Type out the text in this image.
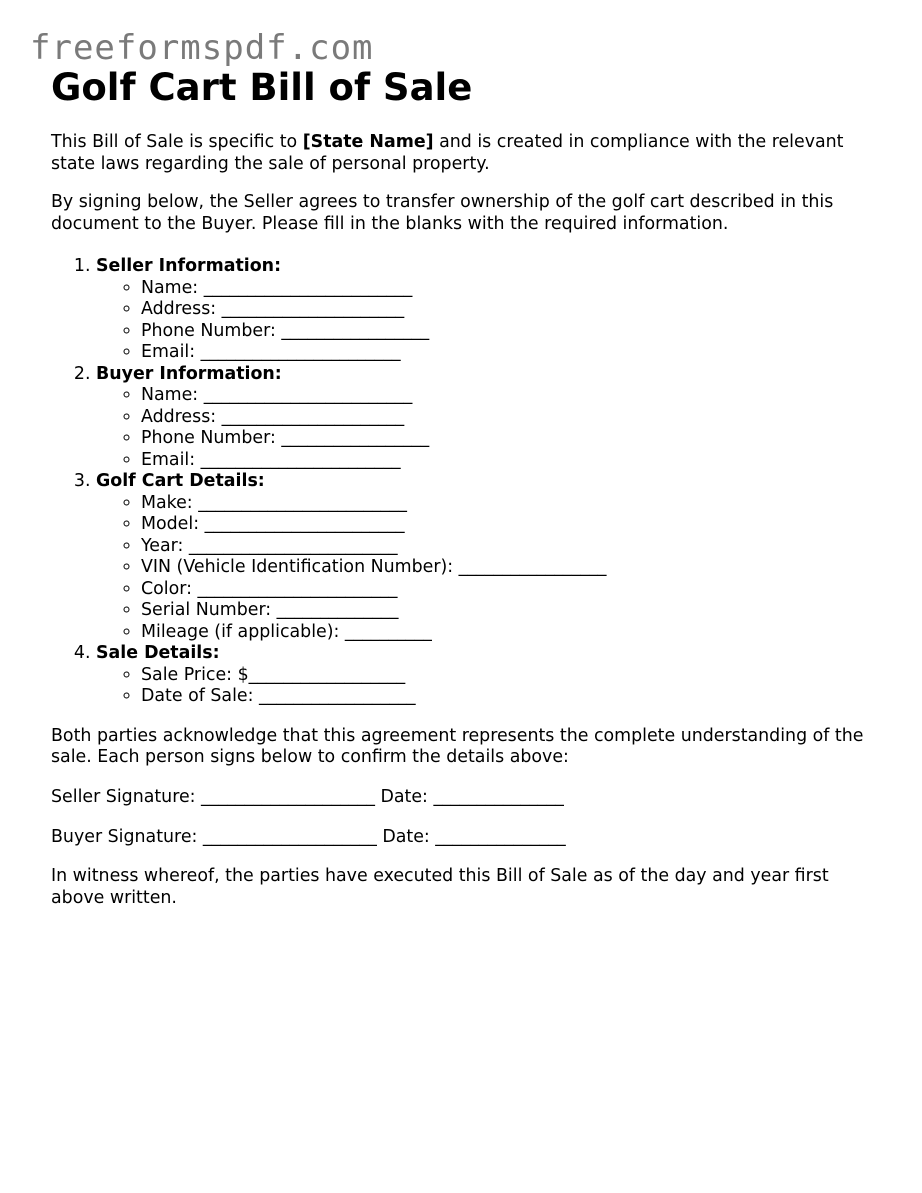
freeformspdf.com
Golf Cart Bill of Sale

This Bill of Sale is specific to [State Name] and is created in compliance with the relevant state laws regarding the sale of personal property.

By signing below, the Seller agrees to transfer ownership of the golf cart described in this document to the Buyer. Please fill in the blanks with the required information.

1. Seller Information:
◦ Name: ________________________
◦ Address: _____________________
◦ Phone Number: _________________
◦ Email: _______________________
2. Buyer Information:
◦ Name: ________________________
◦ Address: _____________________
◦ Phone Number: _________________
◦ Email: _______________________
3. Golf Cart Details:
◦ Make: ________________________
◦ Model: _______________________
◦ Year: ________________________
◦ VIN (Vehicle Identification Number): _________________
◦ Color: _______________________
◦ Serial Number: ______________
◦ Mileage (if applicable): __________
4. Sale Details:
◦ Sale Price: $__________________
◦ Date of Sale: __________________

Both parties acknowledge that this agreement represents the complete understanding of the sale. Each person signs below to confirm the details above:

Seller Signature: ____________________ Date: _______________

Buyer Signature: ____________________ Date: _______________

In witness whereof, the parties have executed this Bill of Sale as of the day and year first above written.
